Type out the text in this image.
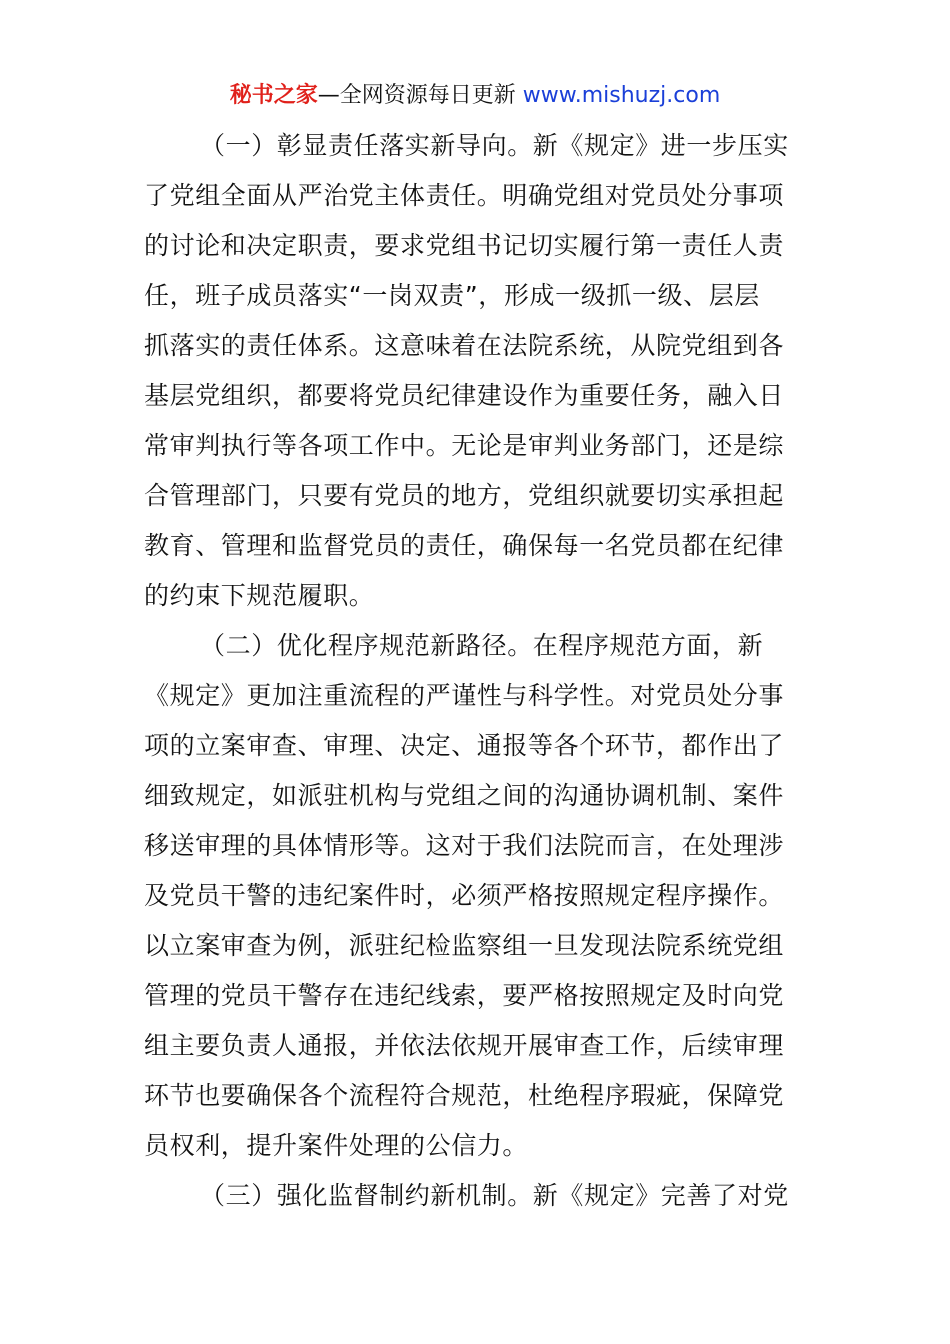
秘书之家—全网资源每日更新 www.mishuzj.com
（一）彰显责任落实新导向。新《规定》进一步压实
了党组全面从严治党主体责任。明确党组对党员处分事项
的讨论和决定职责，要求党组书记切实履行第一责任人责
任，班子成员落实“一岗双责”，形成一级抓一级、层层
抓落实的责任体系。这意味着在法院系统，从院党组到各
基层党组织，都要将党员纪律建设作为重要任务，融入日
常审判执行等各项工作中。无论是审判业务部门，还是综
合管理部门，只要有党员的地方，党组织就要切实承担起
教育、管理和监督党员的责任，确保每一名党员都在纪律
的约束下规范履职。
（二）优化程序规范新路径。在程序规范方面，新
《规定》更加注重流程的严谨性与科学性。对党员处分事
项的立案审查、审理、决定、通报等各个环节，都作出了
细致规定，如派驻机构与党组之间的沟通协调机制、案件
移送审理的具体情形等。这对于我们法院而言，在处理涉
及党员干警的违纪案件时，必须严格按照规定程序操作。
以立案审查为例，派驻纪检监察组一旦发现法院系统党组
管理的党员干警存在违纪线索，要严格按照规定及时向党
组主要负责人通报，并依法依规开展审查工作，后续审理
环节也要确保各个流程符合规范，杜绝程序瑕疵，保障党
员权利，提升案件处理的公信力。
（三）强化监督制约新机制。新《规定》完善了对党
